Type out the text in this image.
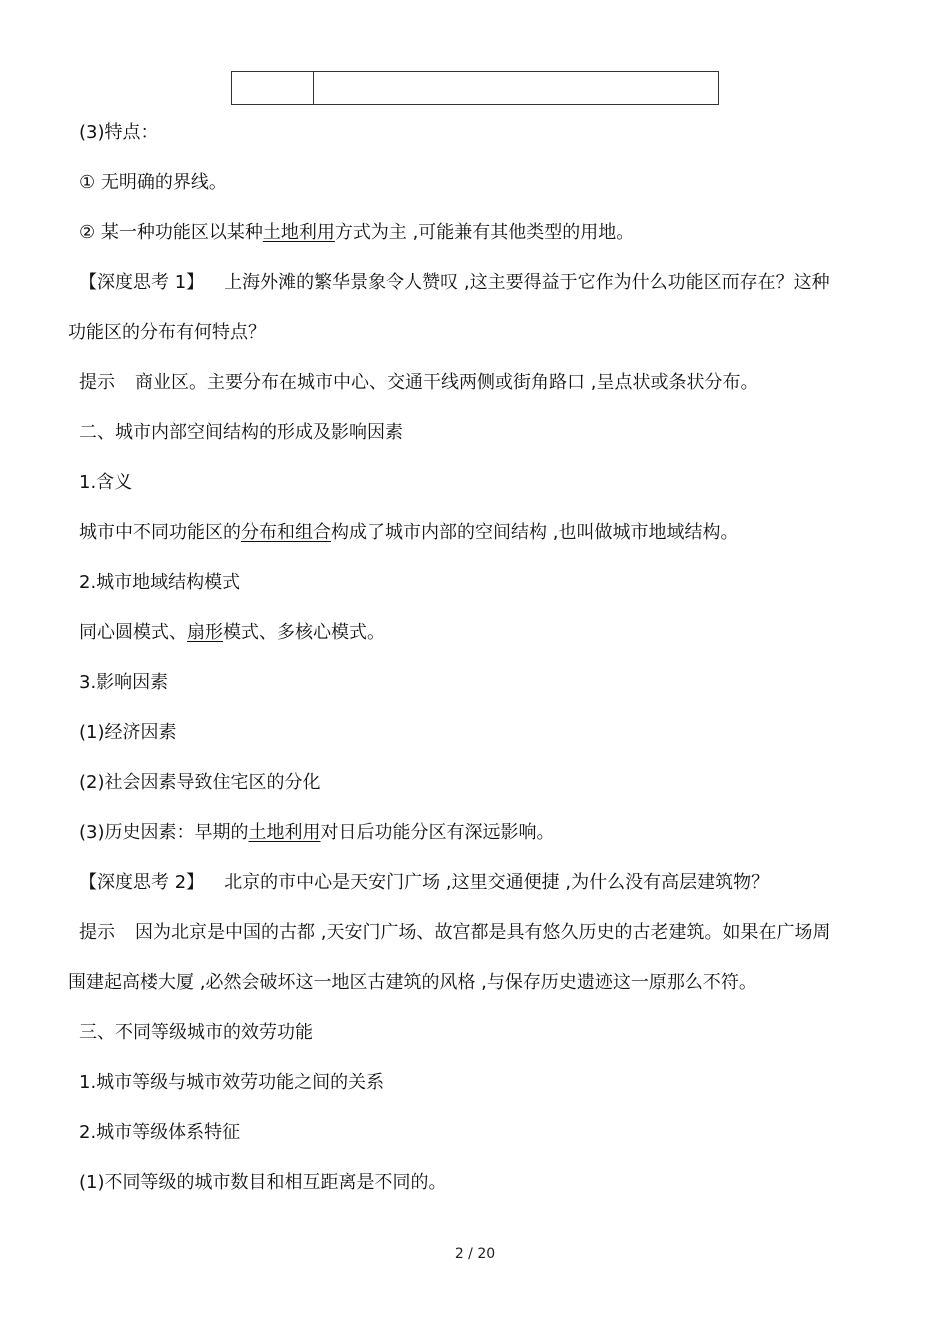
(3)特点：
① 无明确的界线。
② 某一种功能区以某种土地利用方式为主 ,可能兼有其他类型的用地。
【深度思考 1】 上海外滩的繁华景象令人赞叹 ,这主要得益于它作为什么功能区而存在？这种
功能区的分布有何特点？
提示 商业区。主要分布在城市中心、交通干线两侧或街角路口 ,呈点状或条状分布。
二、城市内部空间结构的形成及影响因素
1.含义
城市中不同功能区的分布和组合构成了城市内部的空间结构 ,也叫做城市地域结构。
2.城市地域结构模式
同心圆模式、扇形模式、多核心模式。
3.影响因素
(1)经济因素
(2)社会因素导致住宅区的分化
(3)历史因素：早期的土地利用对日后功能分区有深远影响。
【深度思考 2】 北京的市中心是天安门广场 ,这里交通便捷 ,为什么没有高层建筑物？
提示 因为北京是中国的古都 ,天安门广场、故宫都是具有悠久历史的古老建筑。如果在广场周
围建起高楼大厦 ,必然会破坏这一地区古建筑的风格 ,与保存历史遗迹这一原那么不符。
三、不同等级城市的效劳功能
1.城市等级与城市效劳功能之间的关系
2.城市等级体系特征
(1)不同等级的城市数目和相互距离是不同的。
2 / 20
